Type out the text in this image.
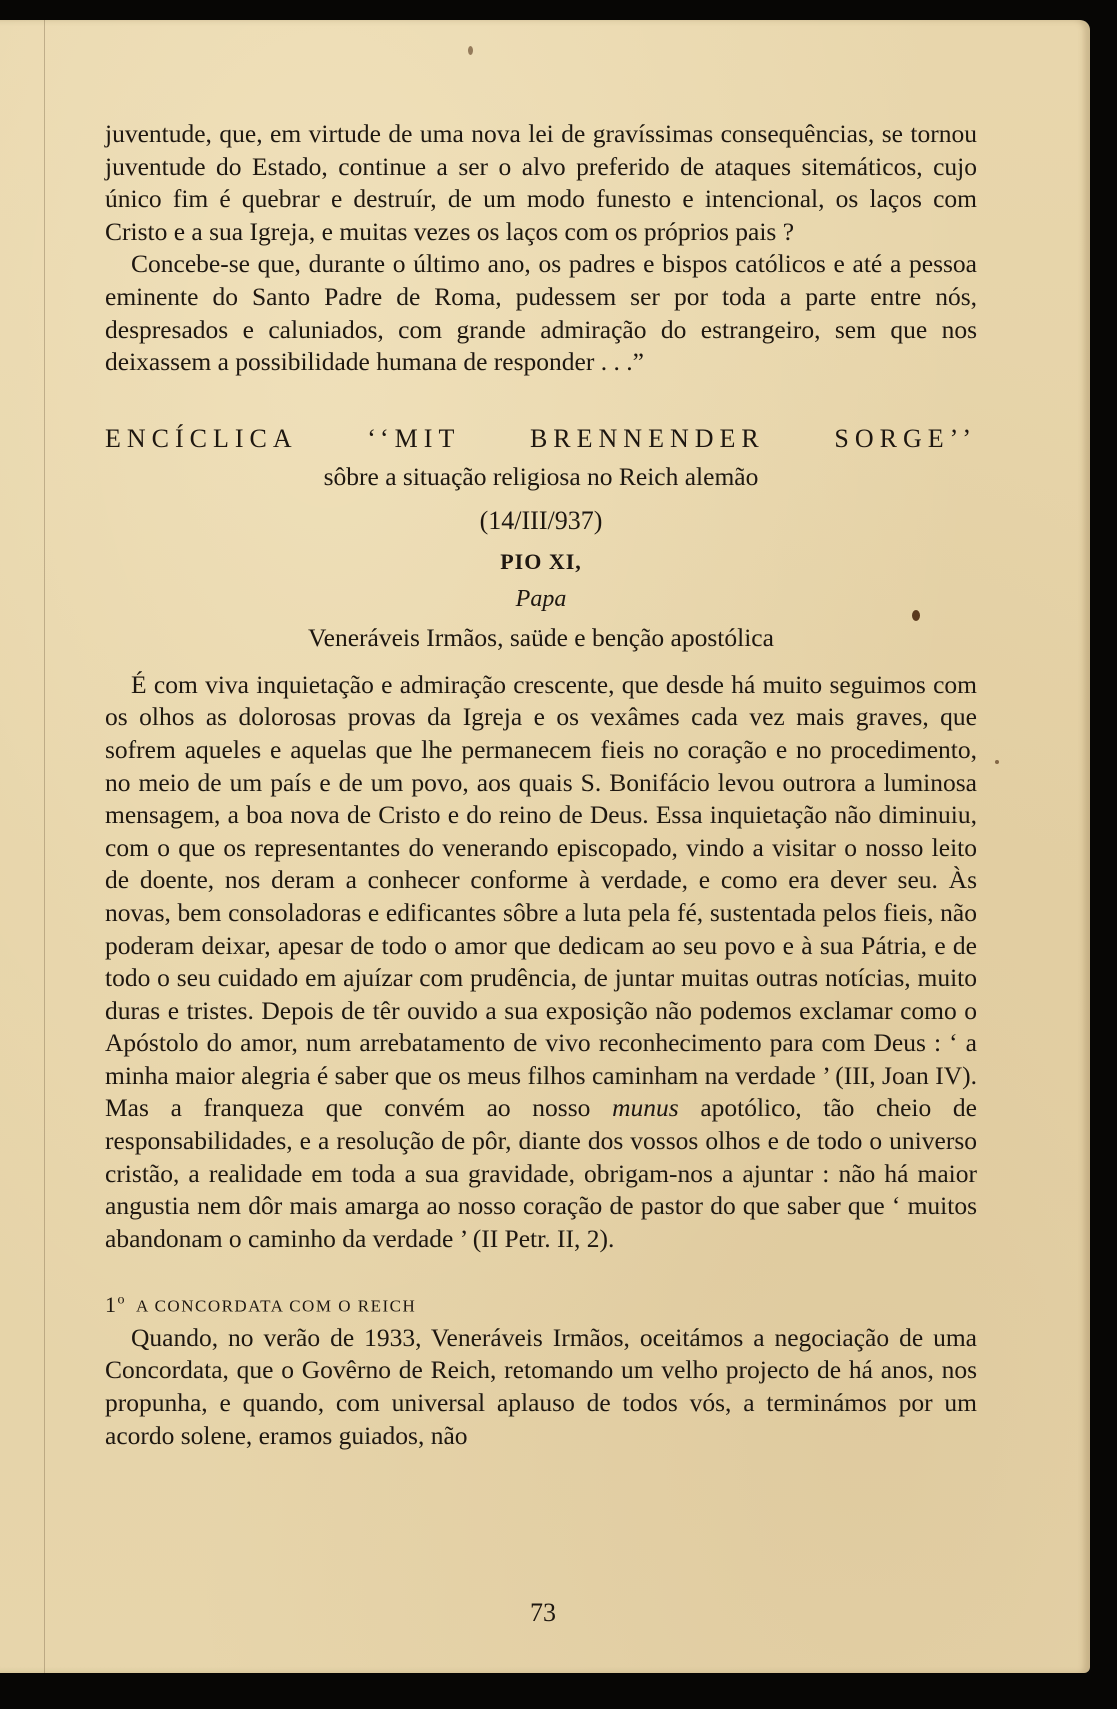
juventude, que, em virtude de uma nova lei de gravíssimas consequências, se tornou juventude do Estado, continue a ser o alvo preferido de ataques sitemáticos, cujo único fim é quebrar e destruír, de um modo funesto e intencional, os laços com Cristo e a sua Igreja, e muitas vezes os laços com os próprios pais ?

Concebe-se que, durante o último ano, os padres e bispos católicos e até a pessoa eminente do Santo Padre de Roma, pudessem ser por toda a parte entre nós, despresados e caluniados, com grande admiração do estrangeiro, sem que nos deixassem a possibilidade humana de responder . . .”

ENCÍCLICA	‘‘MIT	BRENNENDER	SORGE’’

sôbre a situação religiosa no Reich alemão

(14/III/937)

PIO XI,

Papa

Veneráveis Irmãos, saüde e benção apostólica

É com viva inquietação e admiração crescente, que desde há muito seguimos com os olhos as dolorosas provas da Igreja e os vexâmes cada vez mais graves, que sofrem aqueles e aquelas que lhe permanecem fieis no coração e no procedimento, no meio de um país e de um povo, aos quais S. Bonifácio levou outrora a luminosa mensagem, a boa nova de Cristo e do reino de Deus. Essa inquietação não diminuiu, com o que os representantes do venerando episcopado, vindo a visitar o nosso leito de doente, nos deram a conhecer conforme à verdade, e como era dever seu. Às novas, bem consoladoras e edificantes sôbre a luta pela fé, sustentada pelos fieis, não poderam deixar, apesar de todo o amor que dedicam ao seu povo e à sua Pátria, e de todo o seu cuidado em ajuízar com prudência, de juntar muitas outras notícias, muito duras e tristes. Depois de têr ouvido a sua exposição não podemos exclamar como o Apóstolo do amor, num arrebatamento de vivo reconhecimento para com Deus : ‘ a minha maior alegria é saber que os meus filhos caminham na verdade ’ (III, Joan IV). Mas a franqueza que convém ao nosso munus apotólico, tão cheio de responsabilidades, e a resolução de pôr, diante dos vossos olhos e de todo o universo cristão, a realidade em toda a sua gravidade, obrigam-nos a ajuntar : não há maior angustia nem dôr mais amarga ao nosso coração de pastor do que saber que ‘ muitos abandonam o caminho da verdade ’ (II Petr. II, 2).

1$^o$ A CONCORDATA COM O REICH

Quando, no verão de 1933, Veneráveis Irmãos, oceitámos a negociação de uma Concordata, que o Govêrno de Reich, retomando um velho projecto de há anos, nos propunha, e quando, com universal aplauso de todos vós, a terminámos por um acordo solene, eramos guiados, não

73
